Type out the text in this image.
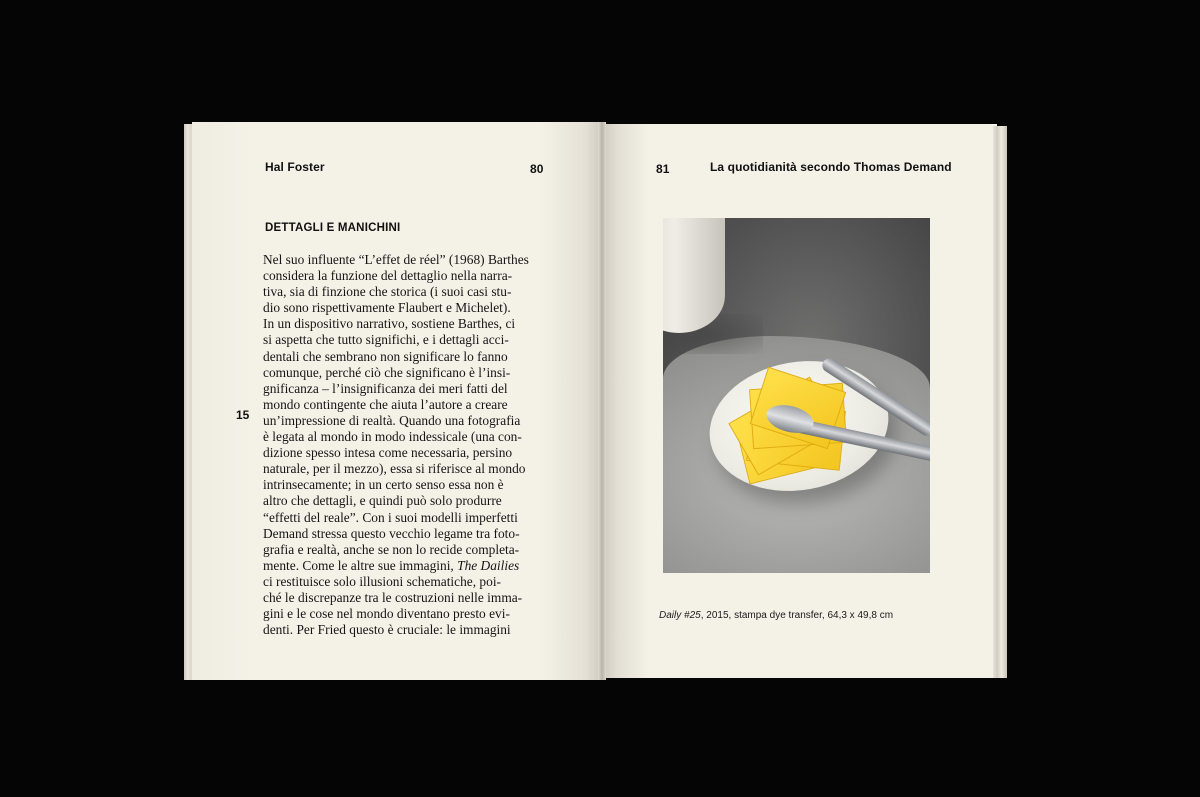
Hal Foster	80	81	La quotidianità secondo Thomas Demand
DETTAGLI E MANICHINI
15
Nel suo influente “L’effet de réel” (1968) Barthes
considera la funzione del dettaglio nella narra-
tiva, sia di finzione che storica (i suoi casi stu-
dio sono rispettivamente Flaubert e Michelet).
In un dispositivo narrativo, sostiene Barthes, ci
si aspetta che tutto significhi, e i dettagli acci-
dentali che sembrano non significare lo fanno
comunque, perché ciò che significano è l’insi-
gnificanza – l’insignificanza dei meri fatti del
mondo contingente che aiuta l’autore a creare
un’impressione di realtà. Quando una fotografia
è legata al mondo in modo indessicale (una con-
dizione spesso intesa come necessaria, persino
naturale, per il mezzo), essa si riferisce al mondo
intrinsecamente; in un certo senso essa non è
altro che dettagli, e quindi può solo produrre
“effetti del reale”. Con i suoi modelli imperfetti
Demand stressa questo vecchio legame tra foto-
grafia e realtà, anche se non lo recide completa-
mente. Come le altre sue immagini, The Dailies
ci restituisce solo illusioni schematiche, poi-
ché le discrepanze tra le costruzioni nelle imma-
gini e le cose nel mondo diventano presto evi-
denti. Per Fried questo è cruciale: le immagini
Daily #25, 2015, stampa dye transfer, 64,3 x 49,8 cm
